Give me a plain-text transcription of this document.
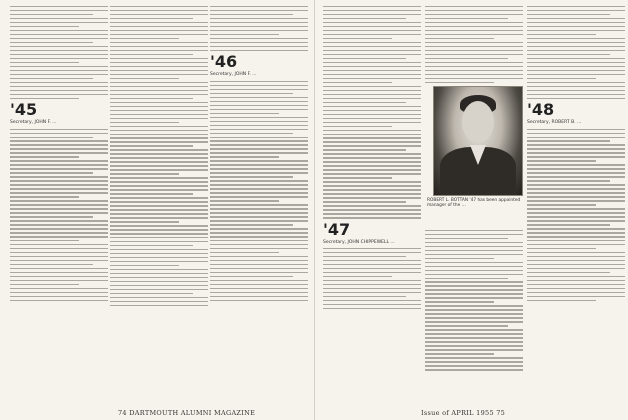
'45
Secretary, JOHN F. ...
'46
Secretary, JOHN F. ...
74 DARTMOUTH ALUMNI MAGAZINE
'47
Secretary, JOHN CHIPPEWELL ...
ROBERT L. BOTTAN '47 has been appointed manager of the ...
'48
Secretary, ROBERT B. ...
Issue of APRIL 1955 75
